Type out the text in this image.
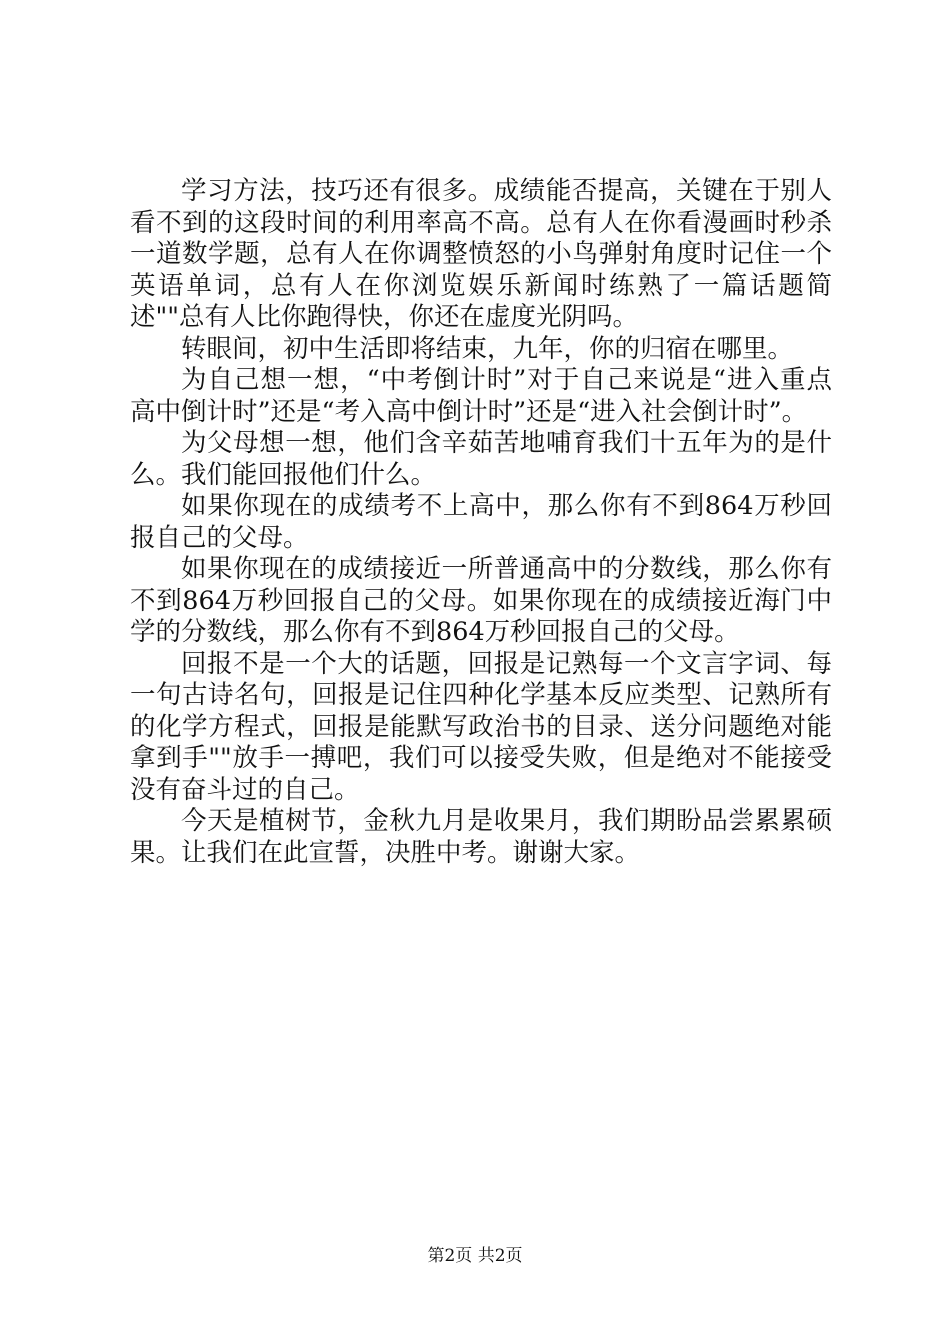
学习方法，技巧还有很多。成绩能否提高，关键在于别人看不到的这段时间的利用率高不高。总有人在你看漫画时秒杀一道数学题，总有人在你调整愤怒的小鸟弹射角度时记住一个英语单词，总有人在你浏览娱乐新闻时练熟了一篇话题简述""总有人比你跑得快，你还在虚度光阴吗。

转眼间，初中生活即将结束，九年，你的归宿在哪里。

为自己想一想，“中考倒计时”对于自己来说是“进入重点高中倒计时”还是“考入高中倒计时”还是“进入社会倒计时”。

为父母想一想，他们含辛茹苦地哺育我们十五年为的是什么。我们能回报他们什么。

如果你现在的成绩考不上高中，那么你有不到864万秒回报自己的父母。

如果你现在的成绩接近一所普通高中的分数线，那么你有不到864万秒回报自己的父母。如果你现在的成绩接近海门中学的分数线，那么你有不到864万秒回报自己的父母。

回报不是一个大的话题，回报是记熟每一个文言字词、每一句古诗名句，回报是记住四种化学基本反应类型、记熟所有的化学方程式，回报是能默写政治书的目录、送分问题绝对能拿到手""放手一搏吧，我们可以接受失败，但是绝对不能接受没有奋斗过的自己。

今天是植树节，金秋九月是收果月，我们期盼品尝累累硕果。让我们在此宣誓，决胜中考。谢谢大家。

第2页 共2页
